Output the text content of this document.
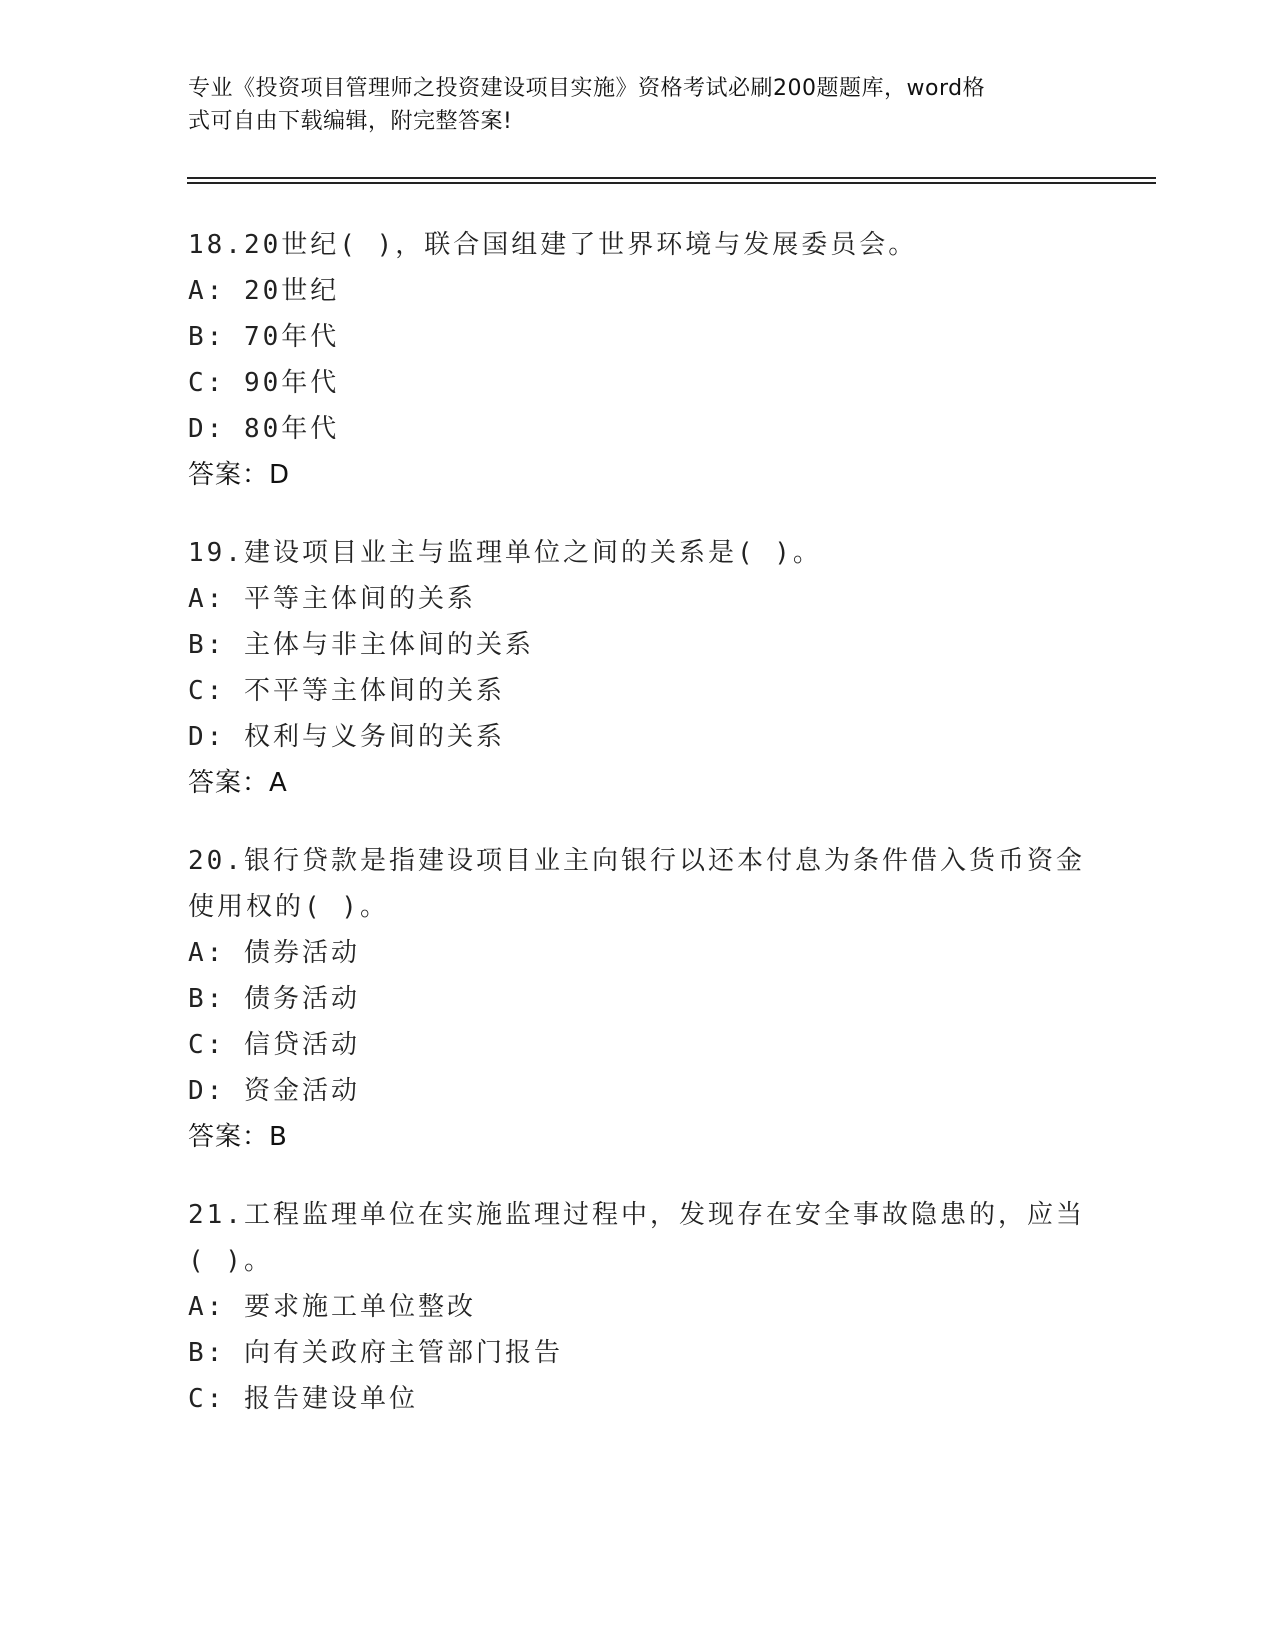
专业《投资项目管理师之投资建设项目实施》资格考试必刷200题题库，word格
式可自由下载编辑，附完整答案!
18.20世纪( )，联合国组建了世界环境与发展委员会。
A: 20世纪
B: 70年代
C: 90年代
D: 80年代
答案：D
19.建设项目业主与监理单位之间的关系是( )。
A: 平等主体间的关系
B: 主体与非主体间的关系
C: 不平等主体间的关系
D: 权利与义务间的关系
答案：A
20.银行贷款是指建设项目业主向银行以还本付息为条件借入货币资金
使用权的( )。
A: 债券活动
B: 债务活动
C: 信贷活动
D: 资金活动
答案：B
21.工程监理单位在实施监理过程中，发现存在安全事故隐患的，应当
( )。
A: 要求施工单位整改
B: 向有关政府主管部门报告
C: 报告建设单位
